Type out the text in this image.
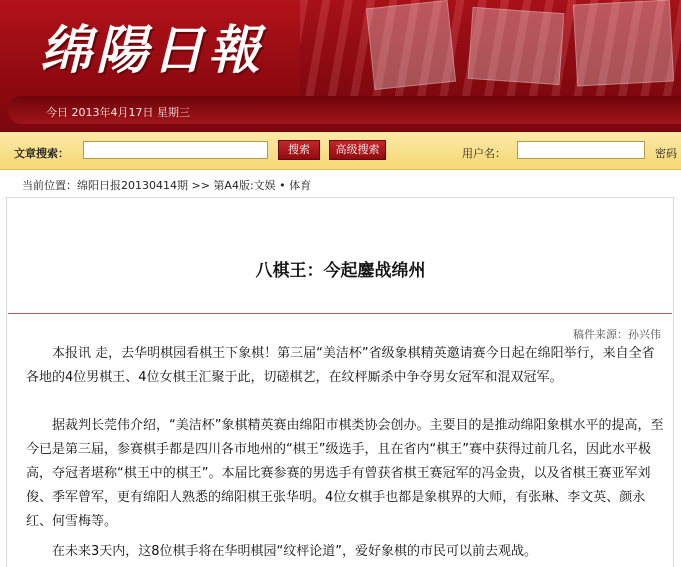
绵陽日報
今日 2013年4月17日 星期三
文章搜索：	搜索	高级搜索	用户名：	密码
当前位置：绵阳日报20130414期 >> 第A4版:文娱 • 体育
八棋王：今起鏖战绵州
稿件来源：孙兴伟

本报讯 走，去华明棋园看棋王下象棋！第三届“美洁杯”省级象棋精英邀请赛今日起在绵阳举行，来自全省各地的4位男棋王、4位女棋王汇聚于此，切磋棋艺，在纹枰厮杀中争夺男女冠军和混双冠军。

据裁判长莞伟介绍，“美洁杯”象棋精英赛由绵阳市棋类协会创办。主要目的是推动绵阳象棋水平的提高，至今已是第三届，参赛棋手都是四川各市地州的“棋王”级选手，且在省内“棋王”赛中获得过前几名，因此水平极高，夺冠者堪称“棋王中的棋王”。本届比赛参赛的男选手有曾获省棋王赛冠军的冯金贵，以及省棋王赛亚军刘俊、季军曾军，更有绵阳人熟悉的绵阳棋王张华明。4位女棋手也都是象棋界的大师，有张琳、李文英、颜永红、何雪梅等。

在未来3天内，这8位棋手将在华明棋园“纹枰论道”，爱好象棋的市民可以前去观战。
